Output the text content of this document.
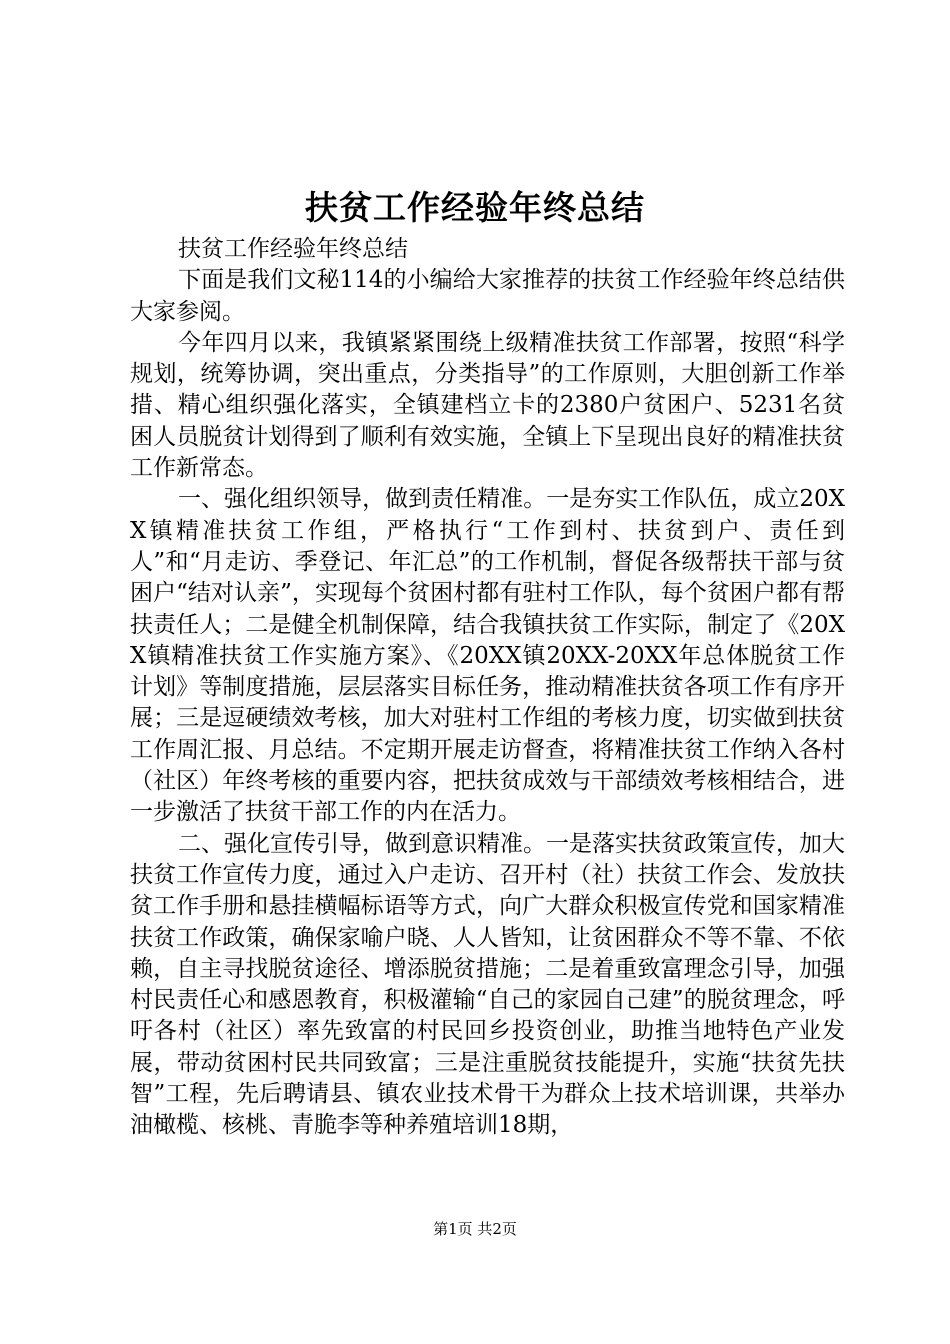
扶贫工作经验年终总结

扶贫工作经验年终总结

下面是我们文秘114的小编给大家推荐的扶贫工作经验年终总结供大家参阅。

今年四月以来，我镇紧紧围绕上级精准扶贫工作部署，按照“科学规划，统筹协调，突出重点，分类指导”的工作原则，大胆创新工作举措、精心组织强化落实，全镇建档立卡的2380户贫困户、5231名贫困人员脱贫计划得到了顺利有效实施，全镇上下呈现出良好的精准扶贫工作新常态。

一、强化组织领导，做到责任精准。一是夯实工作队伍，成立20XX镇精准扶贫工作组，严格执行“工作到村、扶贫到户、责任到人”和“月走访、季登记、年汇总”的工作机制，督促各级帮扶干部与贫困户“结对认亲”，实现每个贫困村都有驻村工作队，每个贫困户都有帮扶责任人；二是健全机制保障，结合我镇扶贫工作实际，制定了《20XX镇精准扶贫工作实施方案》、《20XX镇20XX-20XX年总体脱贫工作计划》等制度措施，层层落实目标任务，推动精准扶贫各项工作有序开展；三是逗硬绩效考核，加大对驻村工作组的考核力度，切实做到扶贫工作周汇报、月总结。不定期开展走访督查，将精准扶贫工作纳入各村（社区）年终考核的重要内容，把扶贫成效与干部绩效考核相结合，进一步激活了扶贫干部工作的内在活力。

二、强化宣传引导，做到意识精准。一是落实扶贫政策宣传，加大扶贫工作宣传力度，通过入户走访、召开村（社）扶贫工作会、发放扶贫工作手册和悬挂横幅标语等方式，向广大群众积极宣传党和国家精准扶贫工作政策，确保家喻户晓、人人皆知，让贫困群众不等不靠、不依赖，自主寻找脱贫途径、增添脱贫措施；二是着重致富理念引导，加强村民责任心和感恩教育，积极灌输“自己的家园自己建”的脱贫理念，呼吁各村（社区）率先致富的村民回乡投资创业，助推当地特色产业发展，带动贫困村民共同致富；三是注重脱贫技能提升，实施“扶贫先扶智”工程，先后聘请县、镇农业技术骨干为群众上技术培训课，共举办油橄榄、核桃、青脆李等种养殖培训18期，

第1页 共2页
